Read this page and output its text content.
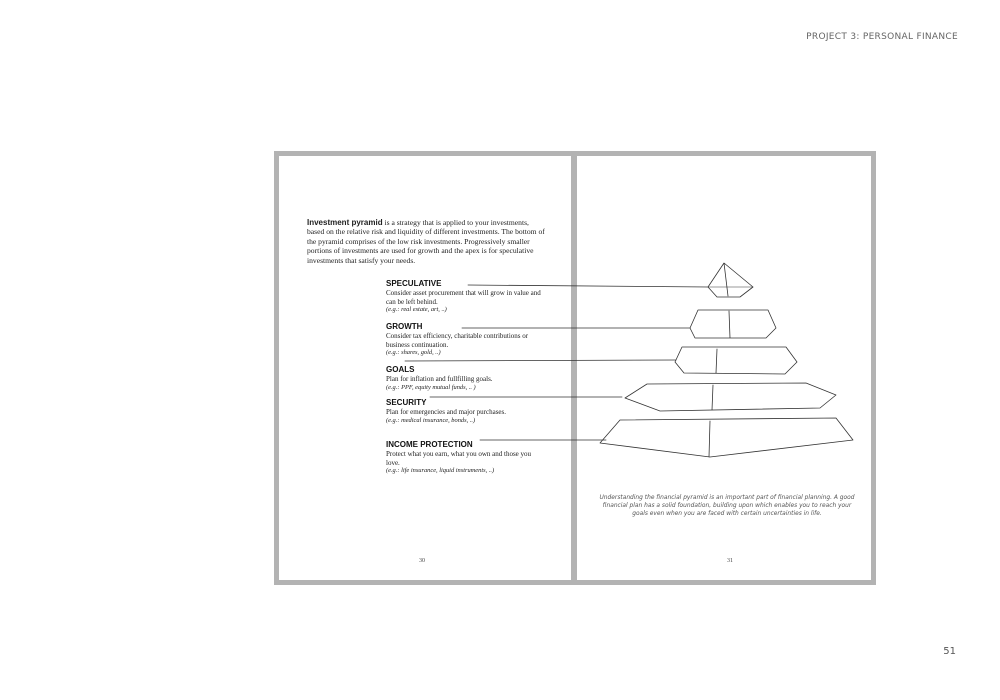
PROJECT 3: PERSONAL FINANCE

Investment pyramid is a strategy that is applied to your investments, based on the relative risk and liquidity of different investments. The bottom of the pyramid comprises of the low risk investments. Progressively smaller portions of investments are used for growth and the apex is for speculative investments that satisfy your needs.

SPECULATIVE
Consider asset procurement that will grow in value and can be left behind.
(e.g.: real estate, art, ..)
GROWTH
Consider tax efficiency, charitable contributions or business continuation.
(e.g.: shares, gold, ..)
GOALS
Plan for inflation and fullfilling goals.
(e.g.: PPF, equity mutual funds, .. )
SECURITY
Plan for emergencies and major purchases.
(e.g.: medical insurance, bonds, ..)
INCOME PROTECTION
Protect what you earn, what you own and those you love.
(e.g.: life insurance, liquid instruments, ..)
30
Understanding the financial pyramid is an important part of financial planning. A good financial plan has a solid foundation, building upon which enables you to reach your goals even when you are faced with certain uncertainties in life.
31
51
